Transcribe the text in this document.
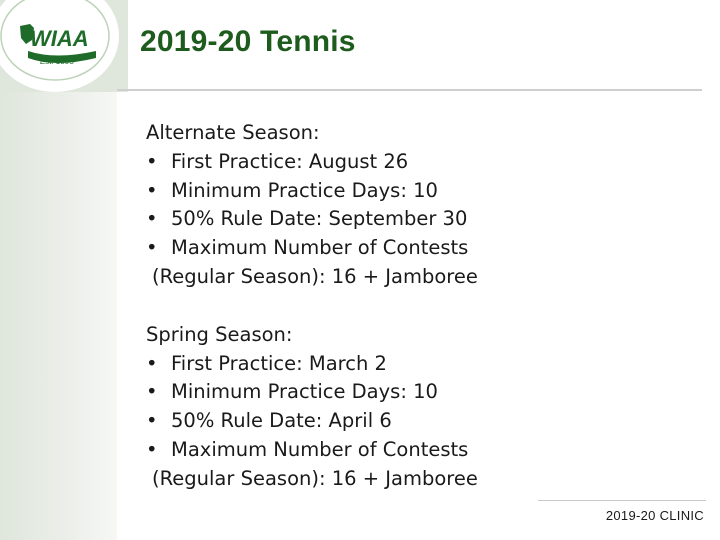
WIAA
Est. 1895
2019-20 Tennis
Alternate Season:
• First Practice: August 26
• Minimum Practice Days: 10
• 50% Rule Date: September 30
• Maximum Number of Contests
(Regular Season): 16 + Jamboree
Spring Season:
• First Practice: March 2
• Minimum Practice Days: 10
• 50% Rule Date: April 6
• Maximum Number of Contests
(Regular Season): 16 + Jamboree
2019-20 CLINIC
